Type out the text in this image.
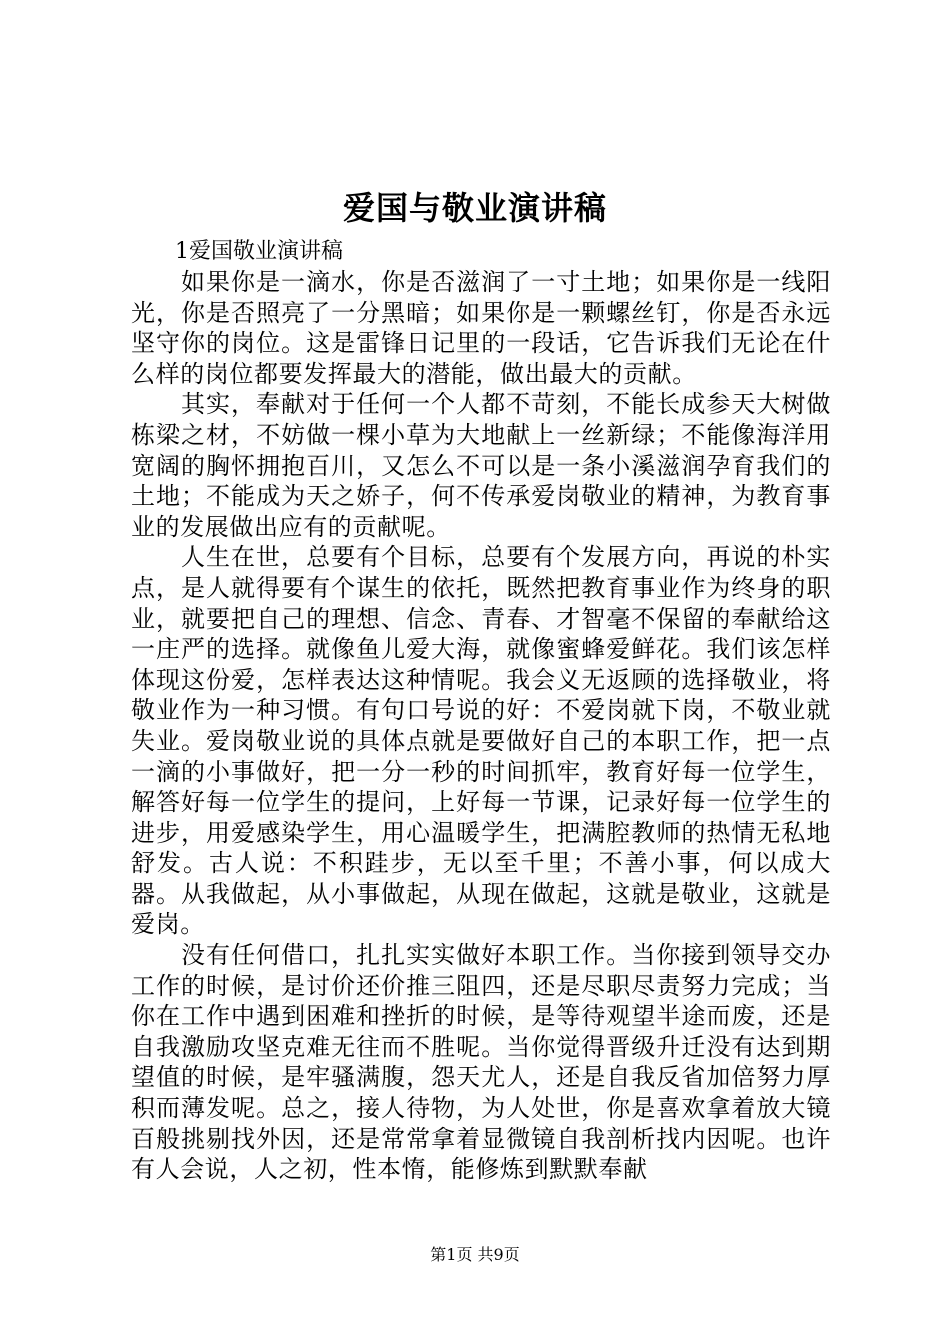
爱国与敬业演讲稿

1爱国敬业演讲稿

如果你是一滴水，你是否滋润了一寸土地；如果你是一线阳光，你是否照亮了一分黑暗；如果你是一颗螺丝钉，你是否永远坚守你的岗位。这是雷锋日记里的一段话，它告诉我们无论在什么样的岗位都要发挥最大的潜能，做出最大的贡献。

其实，奉献对于任何一个人都不苛刻，不能长成参天大树做栋梁之材，不妨做一棵小草为大地献上一丝新绿；不能像海洋用宽阔的胸怀拥抱百川，又怎么不可以是一条小溪滋润孕育我们的土地；不能成为天之娇子，何不传承爱岗敬业的精神，为教育事业的发展做出应有的贡献呢。

人生在世，总要有个目标，总要有个发展方向，再说的朴实点，是人就得要有个谋生的依托，既然把教育事业作为终身的职业，就要把自己的理想、信念、青春、才智毫不保留的奉献给这一庄严的选择。就像鱼儿爱大海，就像蜜蜂爱鲜花。我们该怎样体现这份爱，怎样表达这种情呢。我会义无返顾的选择敬业，将敬业作为一种习惯。有句口号说的好：不爱岗就下岗，不敬业就失业。爱岗敬业说的具体点就是要做好自己的本职工作，把一点一滴的小事做好，把一分一秒的时间抓牢，教育好每一位学生，解答好每一位学生的提问，上好每一节课，记录好每一位学生的进步，用爱感染学生，用心温暖学生，把满腔教师的热情无私地舒发。古人说：不积跬步，无以至千里；不善小事，何以成大器。从我做起，从小事做起，从现在做起，这就是敬业，这就是爱岗。

没有任何借口，扎扎实实做好本职工作。当你接到领导交办工作的时候，是讨价还价推三阻四，还是尽职尽责努力完成；当你在工作中遇到困难和挫折的时候，是等待观望半途而废，还是自我激励攻坚克难无往而不胜呢。当你觉得晋级升迁没有达到期望值的时候，是牢骚满腹，怨天尤人，还是自我反省加倍努力厚积而薄发呢。总之，接人待物，为人处世，你是喜欢拿着放大镜百般挑剔找外因，还是常常拿着显微镜自我剖析找内因呢。也许有人会说，人之初，性本惰，能修炼到默默奉献

第1页 共9页
